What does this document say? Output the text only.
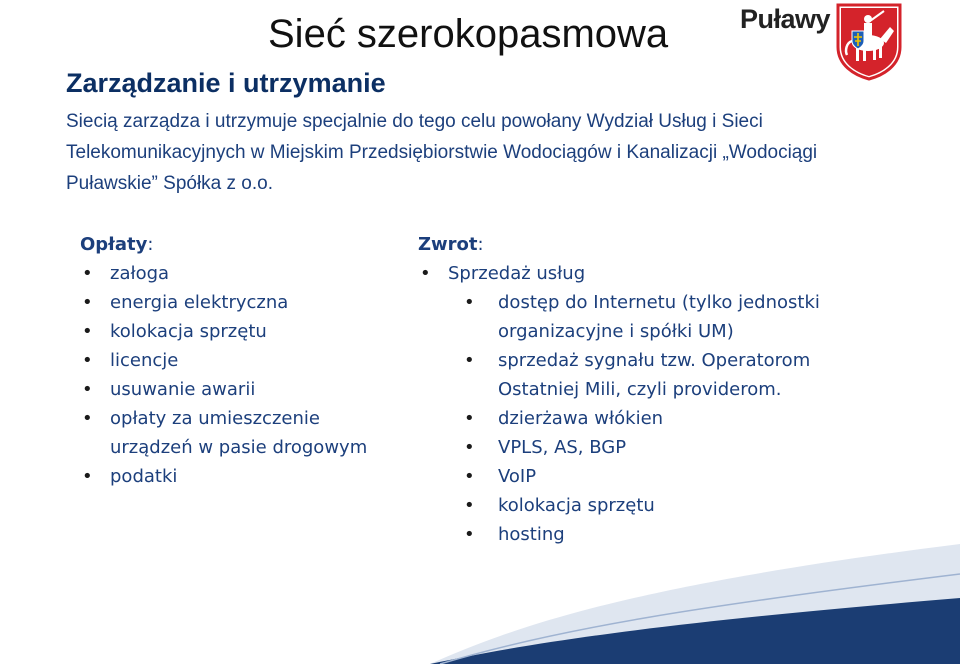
Sieć szerokopasmowa	Puławy
Zarządzanie i utrzymanie
Siecią zarządza i utrzymuje specjalnie do tego celu powołany Wydział Usług i Sieci Telekomunikacyjnych w Miejskim Przedsiębiorstwie Wodociągów i Kanalizacji „Wodociągi Puławskie” Spółka z o.o.
Opłaty:
• załoga
• energia elektryczna
• kolokacja sprzętu
• licencje
• usuwanie awarii
• opłaty za umieszczenie urządzeń w pasie drogowym
• podatki
Zwrot:
• Sprzedaż usług
• dostęp do Internetu (tylko jednostki organizacyjne i spółki UM)
• sprzedaż sygnału tzw. Operatorom Ostatniej Mili, czyli providerom.
• dzierżawa włókien
• VPLS, AS, BGP
• VoIP
• kolokacja sprzętu
• hosting
